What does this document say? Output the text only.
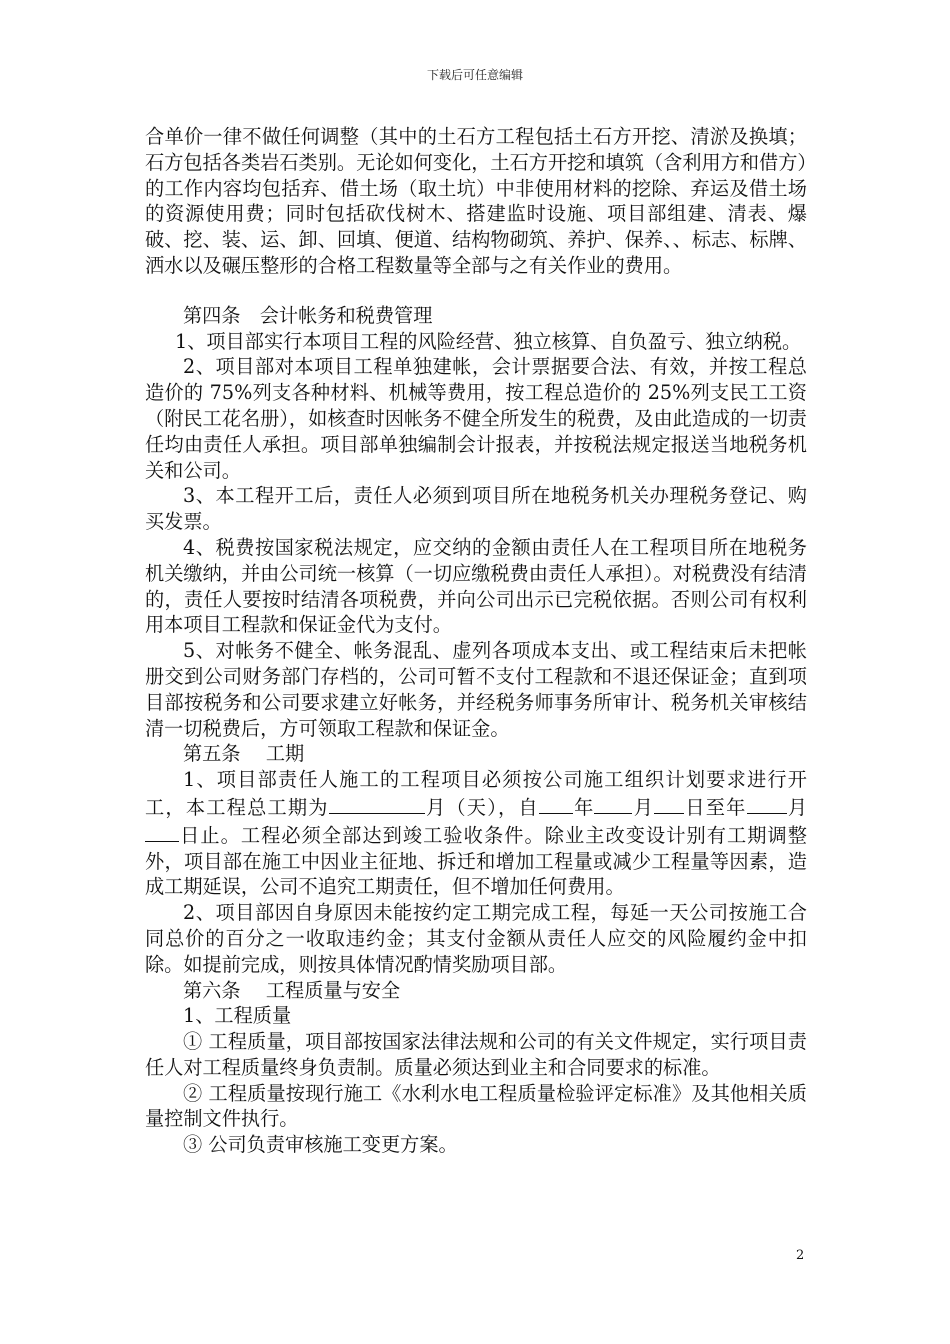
下载后可任意编辑

合单价一律不做任何调整（其中的土石方工程包括土石方开挖、清淤及换填；石方包括各类岩石类别。无论如何变化，土石方开挖和填筑（含利用方和借方）的工作内容均包括弃、借土场（取土坑）中非使用材料的挖除、弃运及借土场的资源使用费；同时包括砍伐树木、搭建监时设施、项目部组建、清表、爆破、挖、装、运、卸、回填、便道、结构物砌筑、养护、保养、、标志、标牌、洒水以及碾压整形的合格工程数量等全部与之有关作业的费用。

第四条　会计帐务和税费管理

1、项目部实行本项目工程的风险经营、独立核算、自负盈亏、独立纳税。

2、项目部对本项目工程单独建帐，会计票据要合法、有效，并按工程总造价的 75%列支各种材料、机械等费用，按工程总造价的 25%列支民工工资（附民工花名册），如核查时因帐务不健全所发生的税费，及由此造成的一切责任均由责任人承担。项目部单独编制会计报表，并按税法规定报送当地税务机关和公司。

3、本工程开工后，责任人必须到项目所在地税务机关办理税务登记、购买发票。

4、税费按国家税法规定，应交纳的金额由责任人在工程项目所在地税务机关缴纳，并由公司统一核算（一切应缴税费由责任人承担）。对税费没有结清的，责任人要按时结清各项税费，并向公司出示已完税依据。否则公司有权利用本项目工程款和保证金代为支付。

5、对帐务不健全、帐务混乱、虚列各项成本支出、或工程结束后未把帐册交到公司财务部门存档的，公司可暂不支付工程款和不退还保证金；直到项目部按税务和公司要求建立好帐务，并经税务师事务所审计、税务机关审核结清一切税费后，方可领取工程款和保证金。

第五条　 工期

1、项目部责任人施工的工程项目必须按公司施工组织计划要求进行开工，本工程总工期为	月（天），自 年 月 日至年 月日止。工程必须全部达到竣工验收条件。除业主改变设计别有工期调整外，项目部在施工中因业主征地、拆迁和增加工程量或减少工程量等因素，造成工期延误，公司不追究工期责任，但不增加任何费用。

2、项目部因自身原因未能按约定工期完成工程，每延一天公司按施工合同总价的百分之一收取违约金；其支付金额从责任人应交的风险履约金中扣除。如提前完成，则按具体情况酌情奖励项目部。

第六条　 工程质量与安全

1、工程质量

① 工程质量，项目部按国家法律法规和公司的有关文件规定，实行项目责任人对工程质量终身负责制。质量必须达到业主和合同要求的标准。

② 工程质量按现行施工《水利水电工程质量检验评定标准》及其他相关质量控制文件执行。

③ 公司负责审核施工变更方案。

2
